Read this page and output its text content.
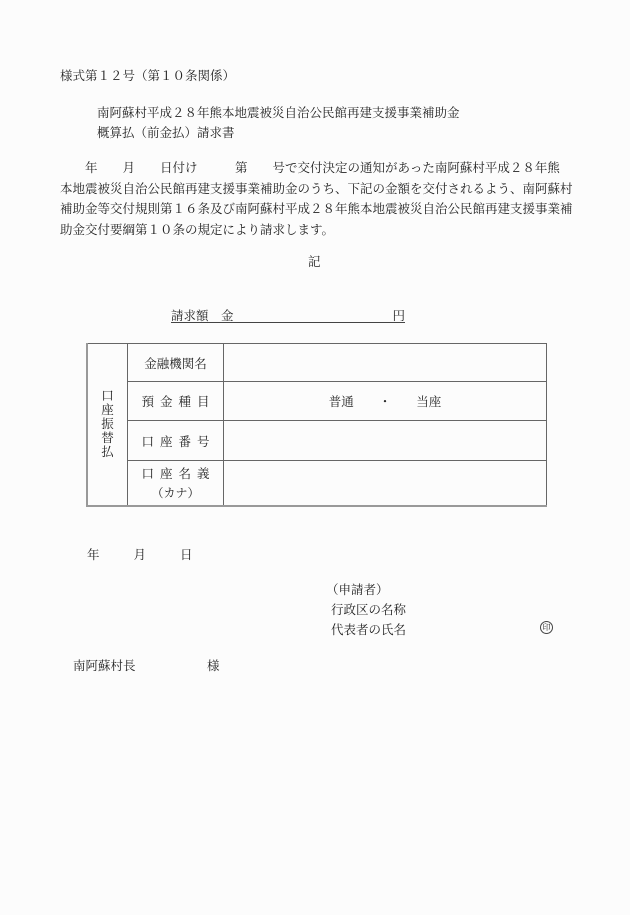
様式第１２号（第１０条関係）
南阿蘇村平成２８年熊本地震被災自治公民館再建支援事業補助金
概算払（前金払）請求書
　　年　　月　　日付け　　　第　　号で交付決定の通知があった南阿蘇村平成２８年熊
本地震被災自治公民館再建支援事業補助金のうち、下記の金額を交付されるよう、南阿蘇村
補助金等交付規則第１６条及び南阿蘇村平成２８年熊本地震被災自治公民館再建支援事業補
助金交付要綱第１０条の規定により請求します。
記
請求額 金	円
口
座
振
替
払	金融機関名	
	預金種目	普通　　・　　当座
	口座番号	
	口座名義
（カナ）	

年	月	日
（申請者）
行政区の名称
代表者の氏名	印
南阿蘇村長	様
